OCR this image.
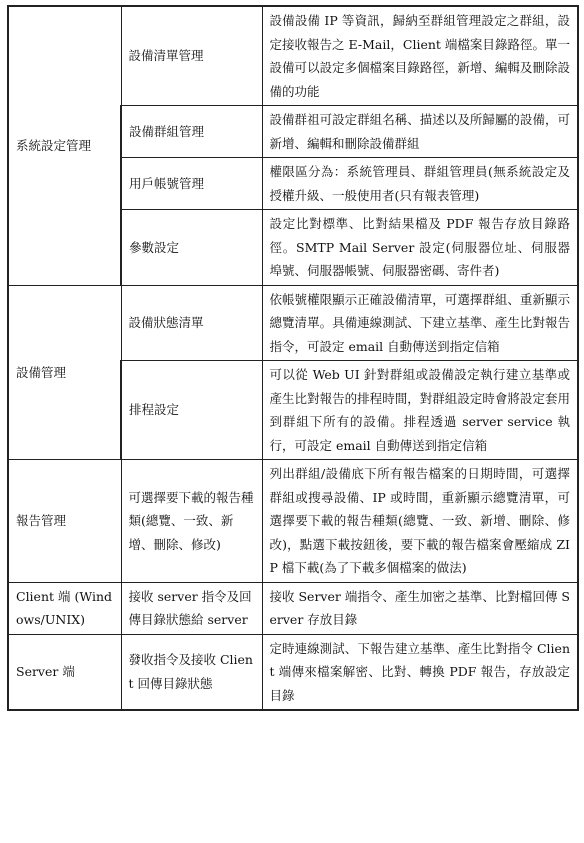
系統設定管理	設備清單管理	設備設備 IP 等資訊，歸納至群組管理設定之群組，設定接收報告之 E-Mail，Client 端檔案目錄路徑。單一設備可以設定多個檔案目錄路徑，新增、編輯及刪除設備的功能
	設備群組管理	設備群祖可設定群組名稱、描述以及所歸屬的設備，可新增、編輯和刪除設備群組
	用戶帳號管理	權限區分為：系統管理員、群組管理員(無系統設定及授權升級、一般使用者(只有報表管理)
	參數設定	設定比對標準、比對結果檔及 PDF 報告存放目錄路徑。SMTP Mail Server 設定(伺服器位址、伺服器埠號、伺服器帳號、伺服器密碼、寄件者)
設備管理	設備狀態清單	依帳號權限顯示正確設備清單，可選擇群組、重新顯示總覽清單。具備連線測試、下建立基準、產生比對報告指令，可設定 email 自動傳送到指定信箱
	排程設定	可以從 Web UI 針對群組或設備設定執行建立基準或產生比對報告的排程時間，對群組設定時會將設定套用到群組下所有的設備。排程透過 server service 執行，可設定 email 自動傳送到指定信箱
報告管理	可選擇要下載的報告種類(總覽、一致、新增、刪除、修改)	列出群組/設備底下所有報告檔案的日期時間，可選擇群組或搜尋設備、IP 或時間，重新顯示總覽清單，可選擇要下載的報告種類(總覽、一致、新增、刪除、修改)，點選下載按鈕後，要下載的報告檔案會壓縮成 ZIP 檔下載(為了下載多個檔案的做法)
Client 端 (Windows/UNIX)	接收 server 指令及回傳目錄狀態給 server	接收 Server 端指令、產生加密之基準、比對檔回傳 Server 存放目錄
Server 端	發收指令及接收 Client 回傳目錄狀態	定時連線測試、下報告建立基準、產生比對指令 Client 端傳來檔案解密、比對、轉換 PDF 報告，存放設定目錄
